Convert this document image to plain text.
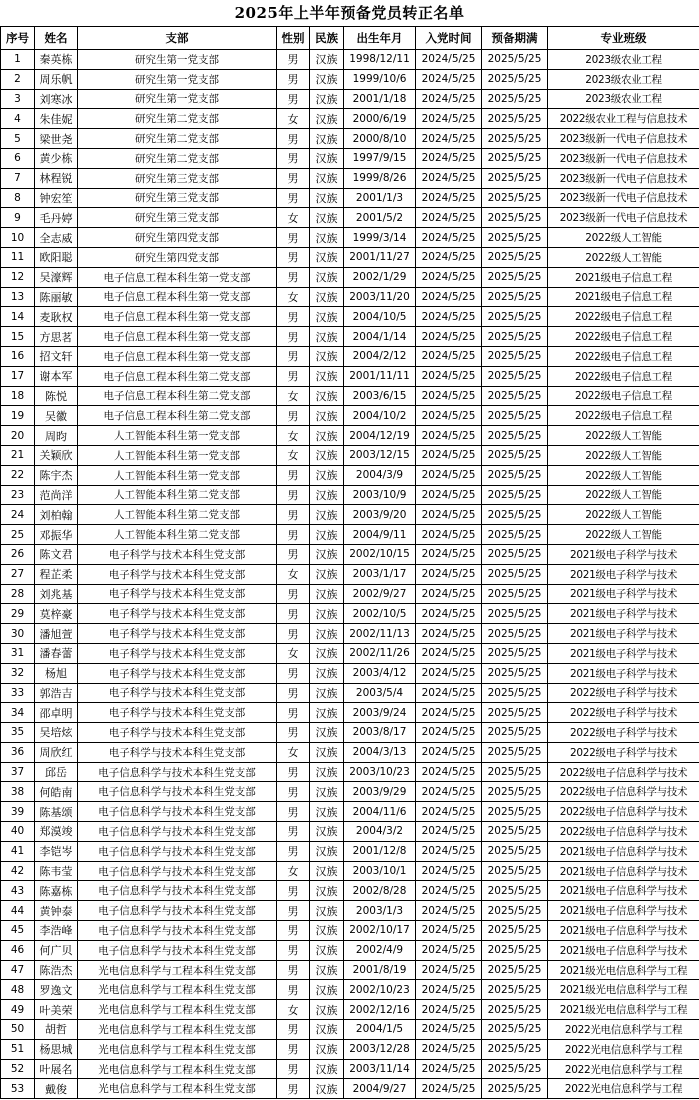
2025年上半年预备党员转正名单
序号	姓名	支部	性别	民族	出生年月	入党时间	预备期满	专业班级
1	秦英栋	研究生第一党支部	男	汉族	1998/12/11	2024/5/25	2025/5/25	2023级农业工程
2	周乐帆	研究生第一党支部	男	汉族	1999/10/6	2024/5/25	2025/5/25	2023级农业工程
3	刘寒冰	研究生第一党支部	男	汉族	2001/1/18	2024/5/25	2025/5/25	2023级农业工程
4	朱佳妮	研究生第二党支部	女	汉族	2000/6/19	2024/5/25	2025/5/25	2022级农业工程与信息技术
5	梁世尧	研究生第二党支部	男	汉族	2000/8/10	2024/5/25	2025/5/25	2023级新一代电子信息技术
6	黄少栋	研究生第二党支部	男	汉族	1997/9/15	2024/5/25	2025/5/25	2023级新一代电子信息技术
7	林程锐	研究生第三党支部	男	汉族	1999/8/26	2024/5/25	2025/5/25	2023级新一代电子信息技术
8	钟宏笙	研究生第三党支部	男	汉族	2001/1/3	2024/5/25	2025/5/25	2023级新一代电子信息技术
9	毛丹婷	研究生第三党支部	女	汉族	2001/5/2	2024/5/25	2025/5/25	2023级新一代电子信息技术
10	全志威	研究生第四党支部	男	汉族	1999/3/14	2024/5/25	2025/5/25	2022级人工智能
11	欧阳聪	研究生第四党支部	男	汉族	2001/11/27	2024/5/25	2025/5/25	2022级人工智能
12	吴濠辉	电子信息工程本科生第一党支部	男	汉族	2002/1/29	2024/5/25	2025/5/25	2021级电子信息工程
13	陈丽敏	电子信息工程本科生第一党支部	女	汉族	2003/11/20	2024/5/25	2025/5/25	2021级电子信息工程
14	麦耿权	电子信息工程本科生第一党支部	男	汉族	2004/10/5	2024/5/25	2025/5/25	2022级电子信息工程
15	方思茗	电子信息工程本科生第一党支部	男	汉族	2004/1/14	2024/5/25	2025/5/25	2022级电子信息工程
16	招文轩	电子信息工程本科生第一党支部	男	汉族	2004/2/12	2024/5/25	2025/5/25	2022级电子信息工程
17	谢本军	电子信息工程本科生第二党支部	男	汉族	2001/11/11	2024/5/25	2025/5/25	2022级电子信息工程
18	陈悦	电子信息工程本科生第二党支部	女	汉族	2003/6/15	2024/5/25	2025/5/25	2022级电子信息工程
19	吴徽	电子信息工程本科生第二党支部	男	汉族	2004/10/2	2024/5/25	2025/5/25	2022级电子信息工程
20	周昀	人工智能本科生第一党支部	女	汉族	2004/12/19	2024/5/25	2025/5/25	2022级人工智能
21	关颖欣	人工智能本科生第一党支部	女	汉族	2003/12/15	2024/5/25	2025/5/25	2022级人工智能
22	陈宇杰	人工智能本科生第一党支部	男	汉族	2004/3/9	2024/5/25	2025/5/25	2022级人工智能
23	范尚洋	人工智能本科生第二党支部	男	汉族	2003/10/9	2024/5/25	2025/5/25	2022级人工智能
24	刘柏翰	人工智能本科生第二党支部	男	汉族	2003/9/20	2024/5/25	2025/5/25	2022级人工智能
25	邓振华	人工智能本科生第二党支部	男	汉族	2004/9/11	2024/5/25	2025/5/25	2022级人工智能
26	陈文君	电子科学与技术本科生党支部	男	汉族	2002/10/15	2024/5/25	2025/5/25	2021级电子科学与技术
27	程芷柔	电子科学与技术本科生党支部	女	汉族	2003/1/17	2024/5/25	2025/5/25	2021级电子科学与技术
28	刘兆基	电子科学与技术本科生党支部	男	汉族	2002/9/27	2024/5/25	2025/5/25	2021级电子科学与技术
29	莫梓豪	电子科学与技术本科生党支部	男	汉族	2002/10/5	2024/5/25	2025/5/25	2021级电子科学与技术
30	潘旭萱	电子科学与技术本科生党支部	男	汉族	2002/11/13	2024/5/25	2025/5/25	2021级电子科学与技术
31	潘春蕾	电子科学与技术本科生党支部	女	汉族	2002/11/26	2024/5/25	2025/5/25	2021级电子科学与技术
32	杨旭	电子科学与技术本科生党支部	男	汉族	2003/4/12	2024/5/25	2025/5/25	2021级电子科学与技术
33	郭浩吉	电子科学与技术本科生党支部	男	汉族	2003/5/4	2024/5/25	2025/5/25	2022级电子科学与技术
34	邵卓明	电子科学与技术本科生党支部	男	汉族	2003/9/24	2024/5/25	2025/5/25	2022级电子科学与技术
35	吴培炫	电子科学与技术本科生党支部	男	汉族	2003/8/17	2024/5/25	2025/5/25	2022级电子科学与技术
36	周欣红	电子科学与技术本科生党支部	女	汉族	2004/3/13	2024/5/25	2025/5/25	2022级电子科学与技术
37	邱岳	电子信息科学与技术本科生党支部	男	汉族	2003/10/23	2024/5/25	2025/5/25	2022级电子信息科学与技术
38	何皓南	电子信息科学与技术本科生党支部	男	汉族	2003/9/29	2024/5/25	2025/5/25	2022级电子信息科学与技术
39	陈基颂	电子信息科学与技术本科生党支部	男	汉族	2004/11/6	2024/5/25	2025/5/25	2022级电子信息科学与技术
40	郑漠竣	电子信息科学与技术本科生党支部	男	汉族	2004/3/2	2024/5/25	2025/5/25	2022级电子信息科学与技术
41	李铠岑	电子信息科学与技术本科生党支部	男	汉族	2001/12/8	2024/5/25	2025/5/25	2021级电子信息科学与技术
42	陈韦莹	电子信息科学与技术本科生党支部	女	汉族	2003/10/1	2024/5/25	2025/5/25	2021级电子信息科学与技术
43	陈嘉栋	电子信息科学与技术本科生党支部	男	汉族	2002/8/28	2024/5/25	2025/5/25	2021级电子信息科学与技术
44	黄钟泰	电子信息科学与技术本科生党支部	男	汉族	2003/1/3	2024/5/25	2025/5/25	2021级电子信息科学与技术
45	李浩峰	电子信息科学与技术本科生党支部	男	汉族	2002/10/17	2024/5/25	2025/5/25	2021级电子信息科学与技术
46	何广贝	电子信息科学与技术本科生党支部	男	汉族	2002/4/9	2024/5/25	2025/5/25	2021级电子信息科学与技术
47	陈浩杰	光电信息科学与工程本科生党支部	男	汉族	2001/8/19	2024/5/25	2025/5/25	2021级光电信息科学与工程
48	罗逸文	光电信息科学与工程本科生党支部	男	汉族	2002/10/23	2024/5/25	2025/5/25	2021级光电信息科学与工程
49	叶美荣	光电信息科学与工程本科生党支部	女	汉族	2002/12/16	2024/5/25	2025/5/25	2021级光电信息科学与工程
50	胡哲	光电信息科学与工程本科生党支部	男	汉族	2004/1/5	2024/5/25	2025/5/25	2022光电信息科学与工程
51	杨思城	光电信息科学与工程本科生党支部	男	汉族	2003/12/28	2024/5/25	2025/5/25	2022光电信息科学与工程
52	叶展名	光电信息科学与工程本科生党支部	男	汉族	2003/11/14	2024/5/25	2025/5/25	2022光电信息科学与工程
53	戴俊	光电信息科学与工程本科生党支部	男	汉族	2004/9/27	2024/5/25	2025/5/25	2022光电信息科学与工程
